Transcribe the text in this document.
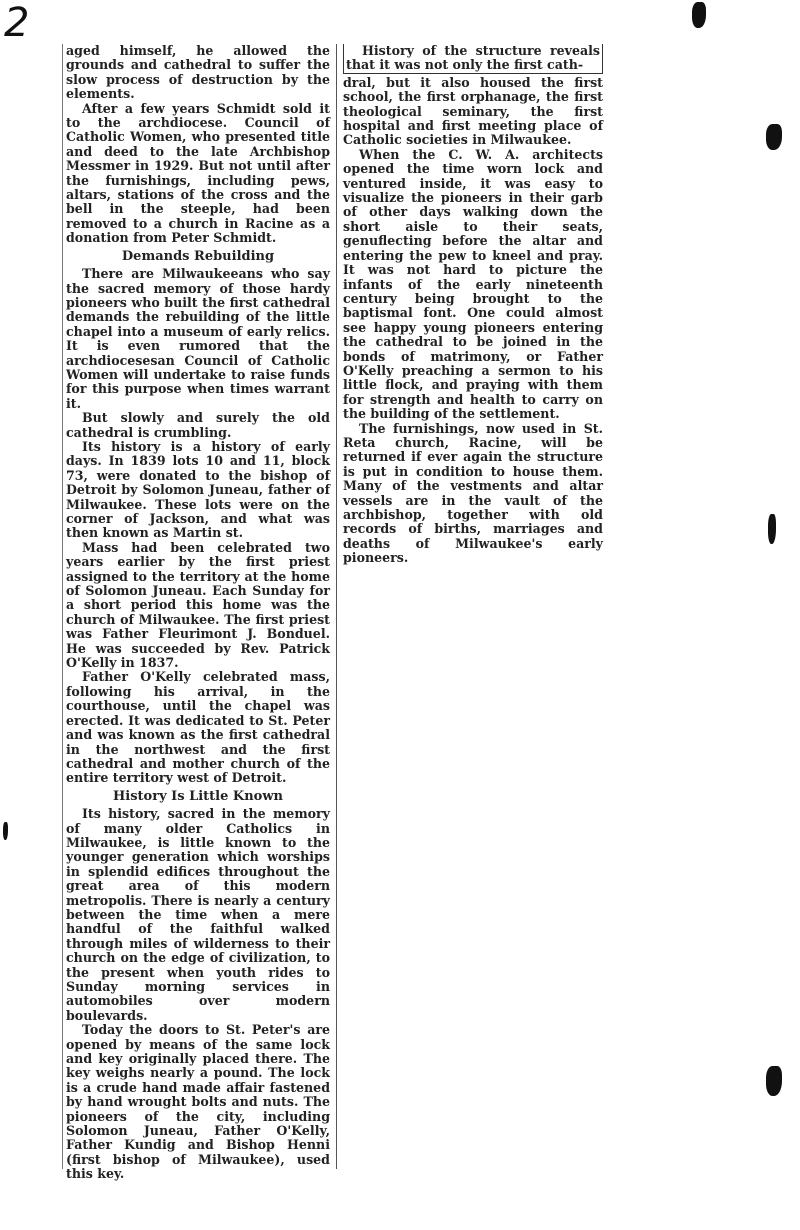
2

aged himself, he allowed the grounds and cathedral to suffer the slow process of destruction by the elements.

After a few years Schmidt sold it to the archdiocese. Council of Catholic Women, who presented title and deed to the late Archbishop Messmer in 1929. But not until after the furnishings, including pews, altars, stations of the cross and the bell in the steeple, had been removed to a church in Racine as a donation from Peter Schmidt.

Demands Rebuilding

There are Milwaukeeans who say the sacred memory of those hardy pioneers who built the first cathedral demands the rebuilding of the little chapel into a museum of early relics. It is even rumored that the archdiocesesan Council of Catholic Women will undertake to raise funds for this purpose when times warrant it.

But slowly and surely the old cathedral is crumbling.

Its history is a history of early days. In 1839 lots 10 and 11, block 73, were donated to the bishop of Detroit by Solomon Juneau, father of Milwaukee. These lots were on the corner of Jackson, and what was then known as Martin st.

Mass had been celebrated two years earlier by the first priest assigned to the territory at the home of Solomon Juneau. Each Sunday for a short period this home was the church of Milwaukee. The first priest was Father Fleurimont J. Bonduel. He was succeeded by Rev. Patrick O'Kelly in 1837.

Father O'Kelly celebrated mass, following his arrival, in the courthouse, until the chapel was erected. It was dedicated to St. Peter and was known as the first cathedral in the northwest and the first cathedral and mother church of the entire territory west of Detroit.

History Is Little Known

Its history, sacred in the memory of many older Catholics in Milwaukee, is little known to the younger generation which worships in splendid edifices throughout the great area of this modern metropolis. There is nearly a century between the time when a mere handful of the faithful walked through miles of wilderness to their church on the edge of civilization, to the present when youth rides to Sunday morning services in automobiles over modern boulevards.

Today the doors to St. Peter's are opened by means of the same lock and key originally placed there. The key weighs nearly a pound. The lock is a crude hand made affair fastened by hand wrought bolts and nuts. The pioneers of the city, including Solomon Juneau, Father O'Kelly, Father Kundig and Bishop Henni (first bishop of Milwaukee), used this key.

History of the structure reveals that it was not only the first cath-

dral, but it also housed the first school, the first orphanage, the first theological seminary, the first hospital and first meeting place of Catholic societies in Milwaukee.

When the C. W. A. architects opened the time worn lock and ventured inside, it was easy to visualize the pioneers in their garb of other days walking down the short aisle to their seats, genuflecting before the altar and entering the pew to kneel and pray. It was not hard to picture the infants of the early nineteenth century being brought to the baptismal font. One could almost see happy young pioneers entering the cathedral to be joined in the bonds of matrimony, or Father O'Kelly preaching a sermon to his little flock, and praying with them for strength and health to carry on the building of the settlement.

The furnishings, now used in St. Reta church, Racine, will be returned if ever again the structure is put in condition to house them. Many of the vestments and altar vessels are in the vault of the archbishop, together with old records of births, marriages and deaths of Milwaukee's early pioneers.
